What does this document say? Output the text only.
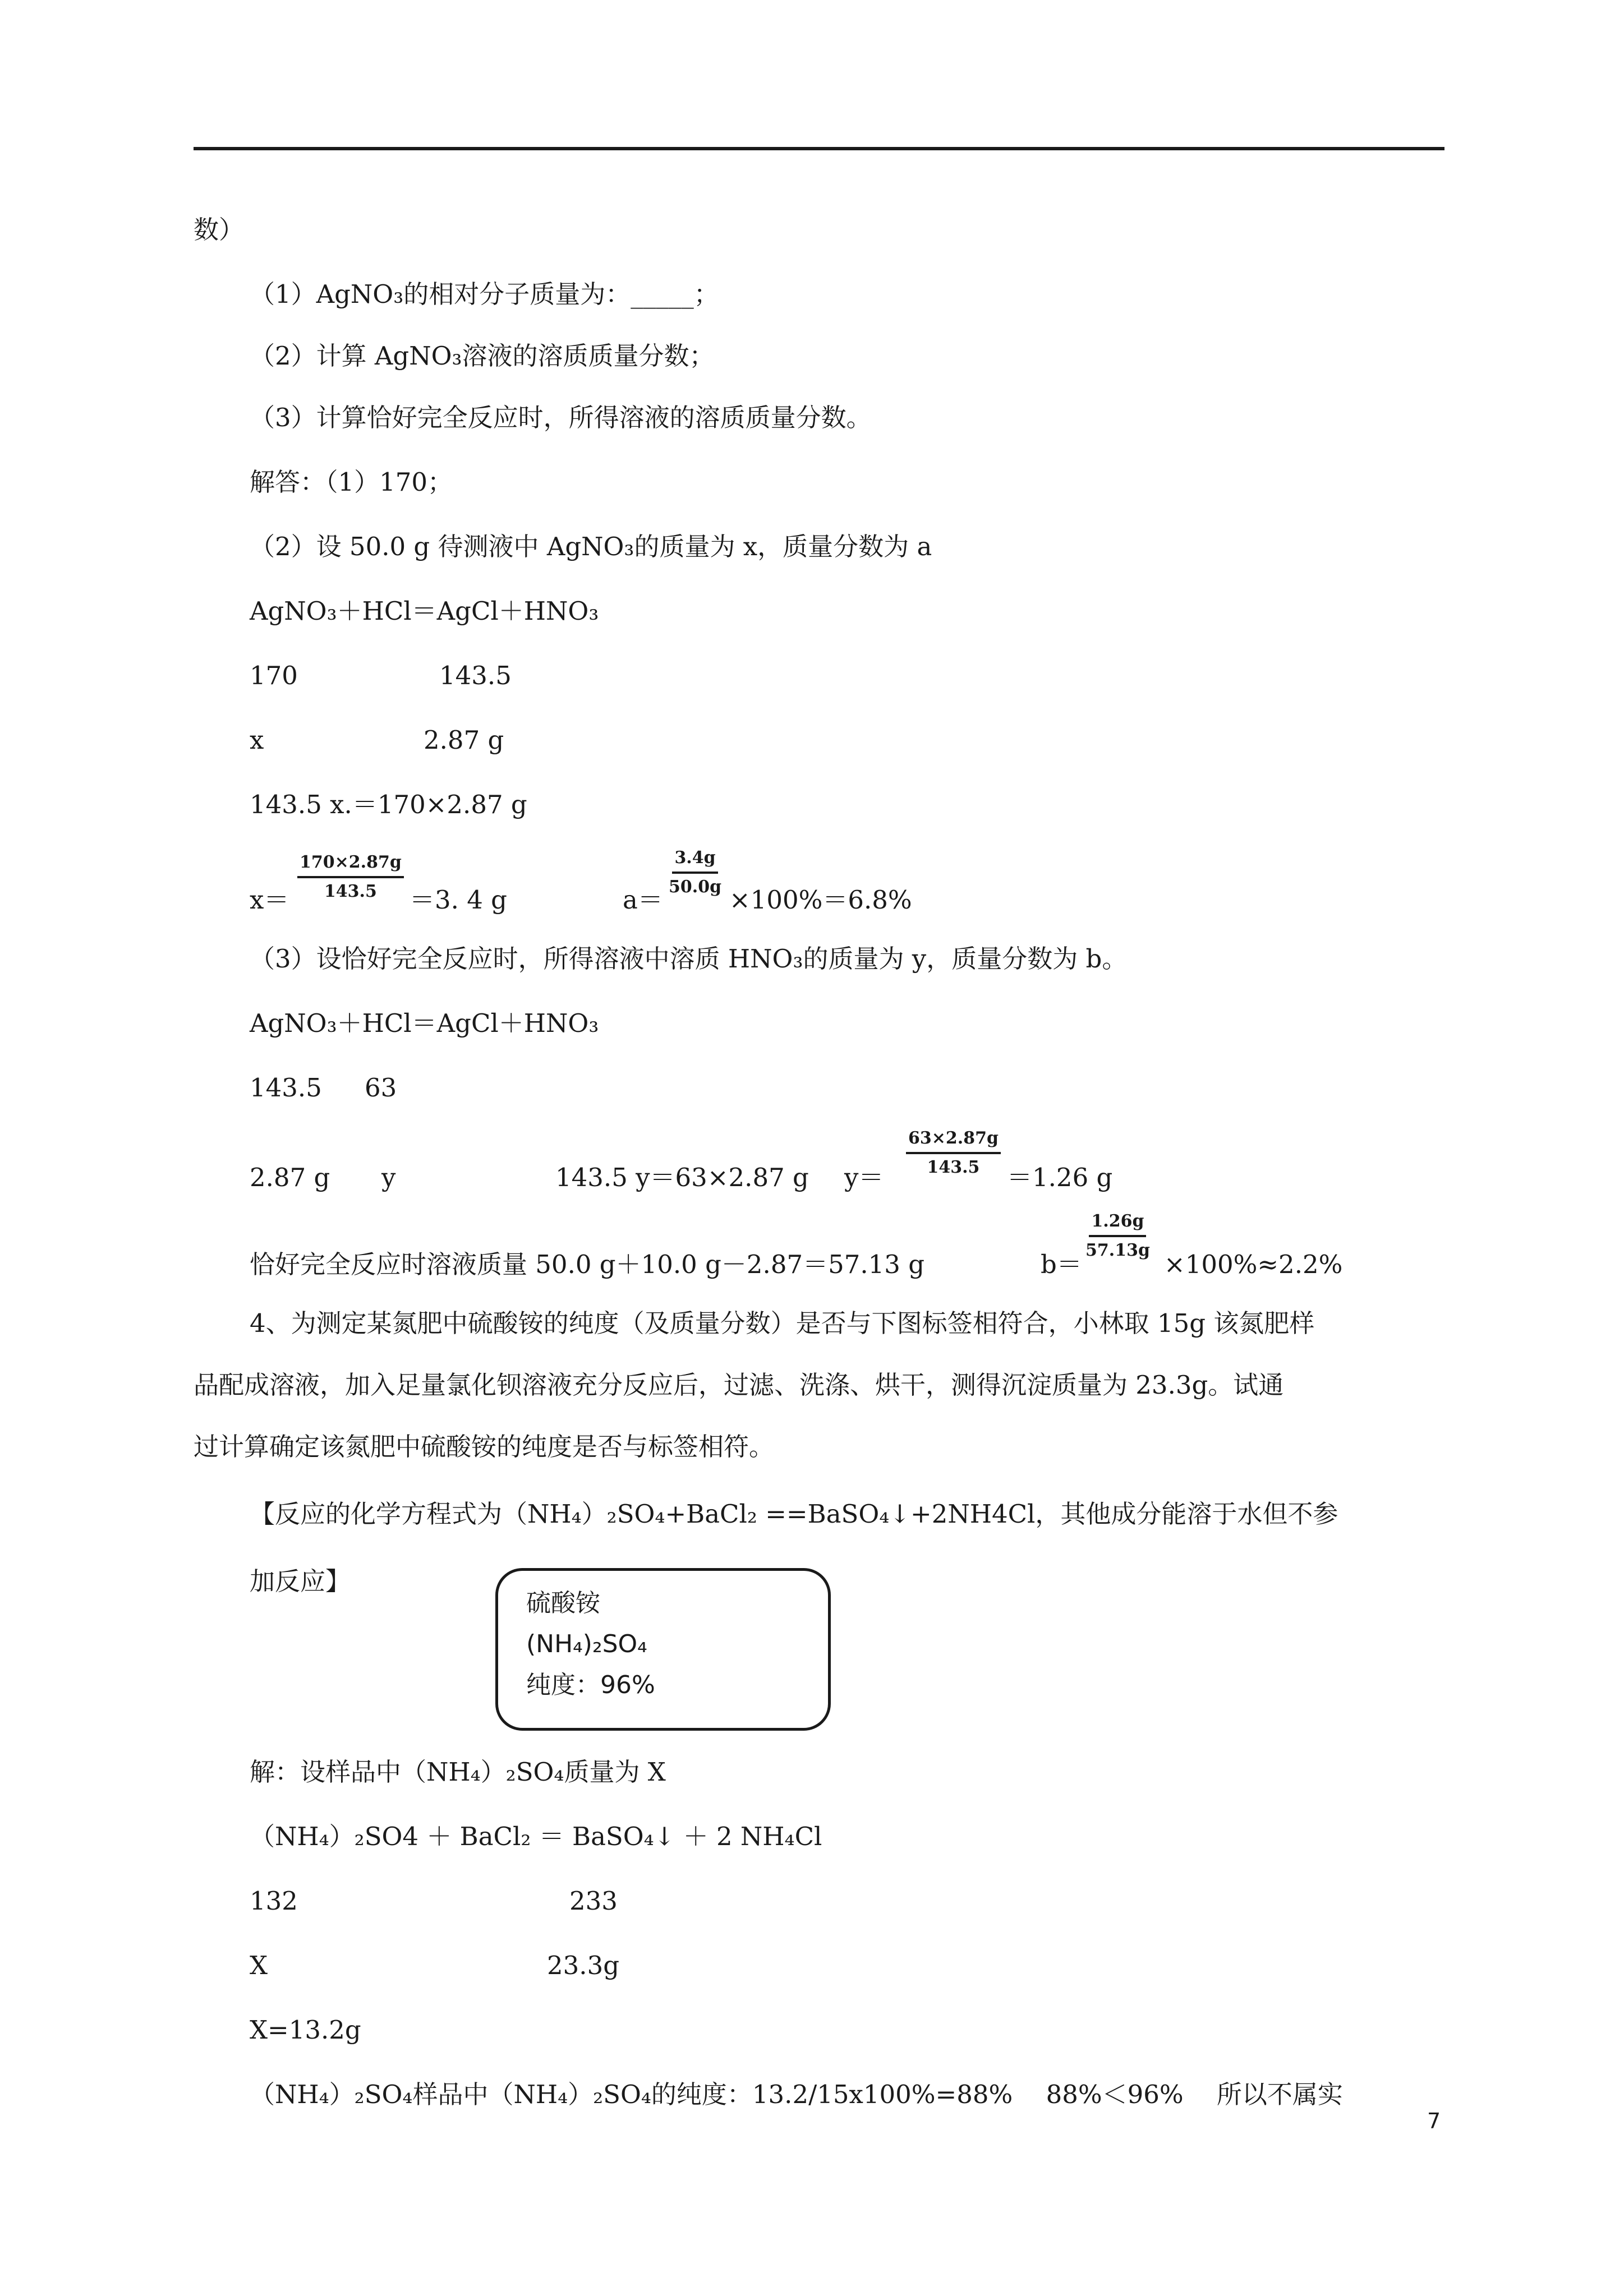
数）
（1）AgNO₃的相对分子质量为：_____；
（2）计算 AgNO₃溶液的溶质质量分数；
（3）计算恰好完全反应时，所得溶液的溶质质量分数。
解答：（1）170；
（2）设 50.0 g 待测液中 AgNO₃的质量为 x，质量分数为 a
AgNO₃＋HCl＝AgCl＋HNO₃
170	143.5
x	2.87 g
143.5 x.＝170×2.87 g
$x= \frac{170\times 2.87g}{143.5} =3$. 4 g	a＝
$\frac{3.4g}{50.0g}$
×100%＝6.8%
（3）设恰好完全反应时，所得溶液中溶质 HNO₃的质量为 y，质量分数为 b。
AgNO₃＋HCl＝AgCl＋HNO₃
143.5 63
2.87 g y	143.5 y＝63×2.87 g $y= \frac{63\times 2.87g}{143.5} =1.26$ g
恰好完全反应时溶液质量 50.0 g＋10.0 g－2.87＝57.13 g	b＝
$\frac{1.26g}{57.13g}$
×100%≈2.2%
4、为测定某氮肥中硫酸铵的纯度（及质量分数）是否与下图标签相符合，小林取 15g 该氮肥样
品配成溶液，加入足量氯化钡溶液充分反应后，过滤、洗涤、烘干，测得沉淀质量为 23.3g。试通
过计算确定该氮肥中硫酸铵的纯度是否与标签相符。
【反应的化学方程式为（NH₄）₂SO₄+BaCl₂ ==BaSO₄↓+2NH4Cl，其他成分能溶于水但不参
加反应】
硫酸铵
(NH₄)₂SO₄
纯度：96%
解：设样品中（NH₄）₂SO₄质量为 X
（NH₄）₂SO4 ＋ BaCl₂ ＝ BaSO₄↓ ＋ 2 NH₄Cl
132	233
X	23.3g
X=13.2g
（NH₄）₂SO₄样品中（NH₄）₂SO₄的纯度：13.2/15x100%=88%　 88%＜96%　 所以不属实
7
